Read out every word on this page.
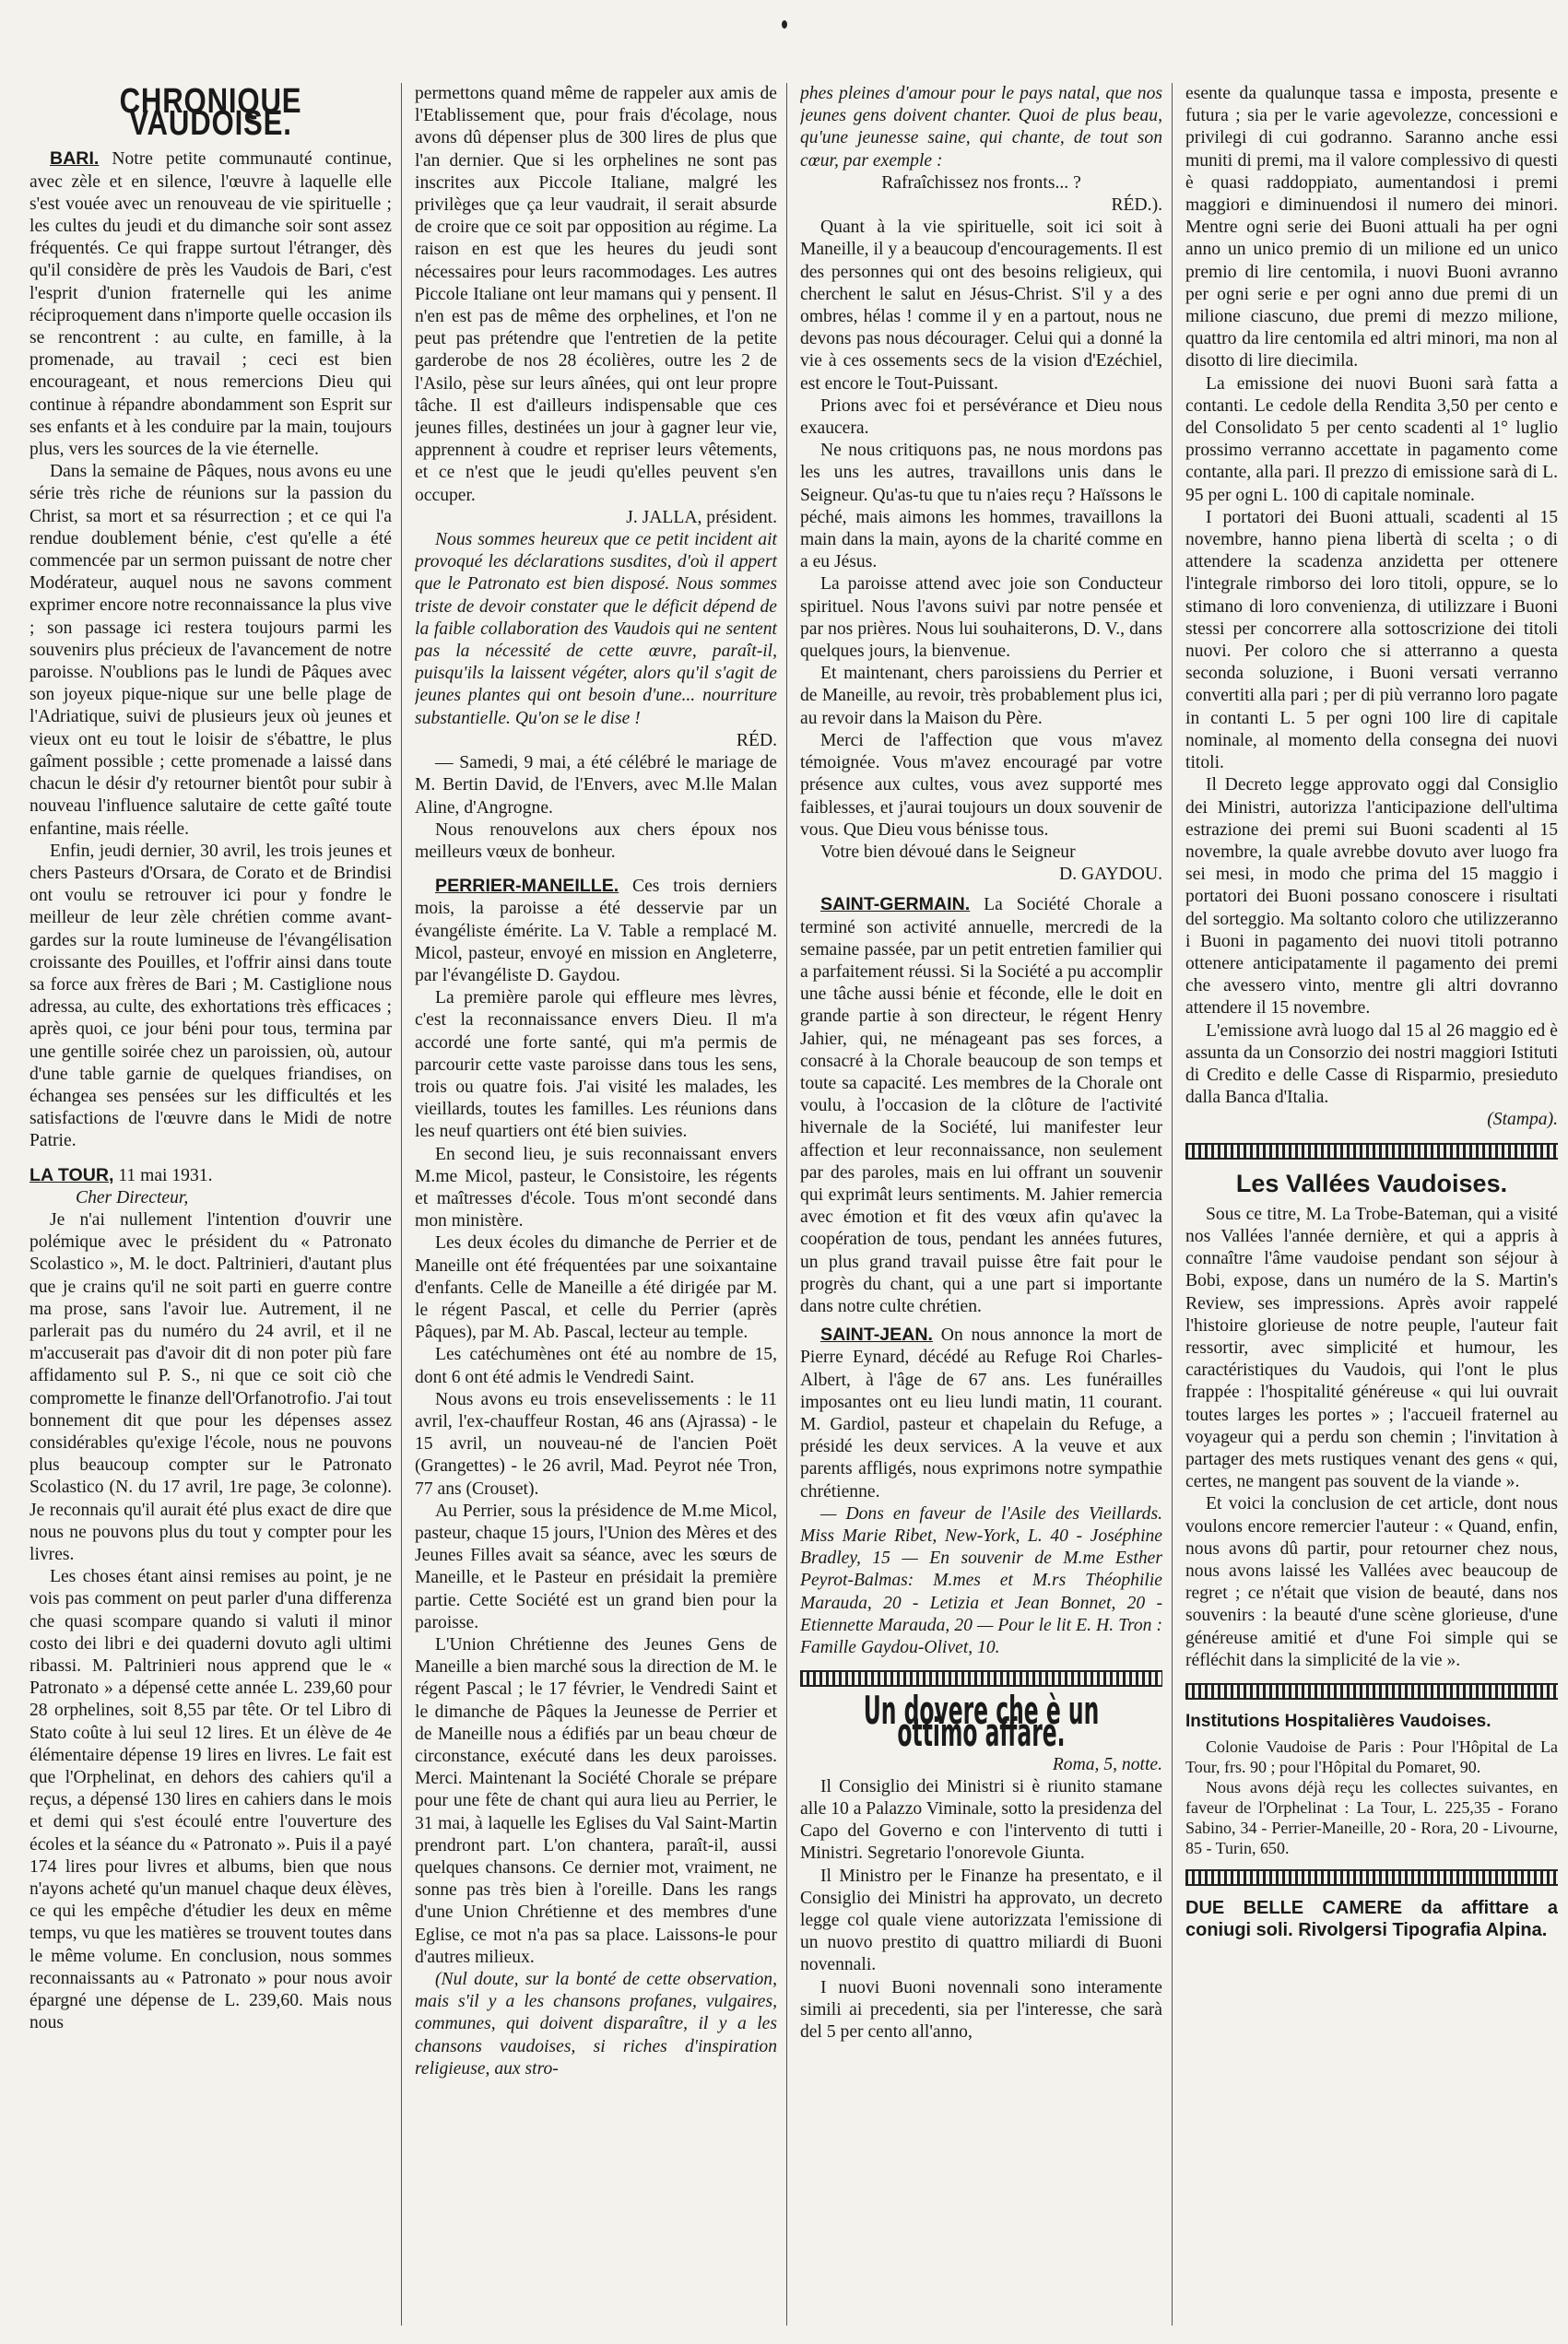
CHRONIQUE VAUDOISE.

BARI. Notre petite communauté continue, avec zèle et en silence, l'œuvre à laquelle elle s'est vouée avec un renouveau de vie spirituelle ; les cultes du jeudi et du dimanche soir sont assez fréquentés. Ce qui frappe surtout l'étranger, dès qu'il considère de près les Vaudois de Bari, c'est l'esprit d'union fraternelle qui les anime réciproquement dans n'importe quelle occasion ils se rencontrent : au culte, en famille, à la promenade, au travail ; ceci est bien encourageant, et nous remercions Dieu qui continue à répandre abondamment son Esprit sur ses enfants et à les conduire par la main, toujours plus, vers les sources de la vie éternelle.

Dans la semaine de Pâques, nous avons eu une série très riche de réunions sur la passion du Christ, sa mort et sa résurrection ; et ce qui l'a rendue doublement bénie, c'est qu'elle a été commencée par un sermon puissant de notre cher Modérateur, auquel nous ne savons comment exprimer encore notre reconnaissance la plus vive ; son passage ici restera toujours parmi les souvenirs plus précieux de l'avancement de notre paroisse. N'oublions pas le lundi de Pâques avec son joyeux pique-nique sur une belle plage de l'Adriatique, suivi de plusieurs jeux où jeunes et vieux ont eu tout le loisir de s'ébattre, le plus gaîment possible ; cette promenade a laissé dans chacun le désir d'y retourner bientôt pour subir à nouveau l'influence salutaire de cette gaîté toute enfantine, mais réelle.

Enfin, jeudi dernier, 30 avril, les trois jeunes et chers Pasteurs d'Orsara, de Corato et de Brindisi ont voulu se retrouver ici pour y fondre le meilleur de leur zèle chrétien comme avant-gardes sur la route lumineuse de l'évangélisation croissante des Pouilles, et l'offrir ainsi dans toute sa force aux frères de Bari ; M. Castiglione nous adressa, au culte, des exhortations très efficaces ; après quoi, ce jour béni pour tous, termina par une gentille soirée chez un paroissien, où, autour d'une table garnie de quelques friandises, on échangea ses pensées sur les difficultés et les satisfactions de l'œuvre dans le Midi de notre Patrie.

LA TOUR, 11 mai 1931.

Cher Directeur,

Je n'ai nullement l'intention d'ouvrir une polémique avec le président du « Patronato Scolastico », M. le doct. Paltrinieri, d'autant plus que je crains qu'il ne soit parti en guerre contre ma prose, sans l'avoir lue. Autrement, il ne parlerait pas du numéro du 24 avril, et il ne m'accuserait pas d'avoir dit di non poter più fare affidamento sul P. S., ni que ce soit ciò che compromette le finanze dell'Orfanotrofio. J'ai tout bonnement dit que pour les dépenses assez considérables qu'exige l'école, nous ne pouvons plus beaucoup compter sur le Patronato Scolastico (N. du 17 avril, 1re page, 3e colonne). Je reconnais qu'il aurait été plus exact de dire que nous ne pouvons plus du tout y compter pour les livres.

Les choses étant ainsi remises au point, je ne vois pas comment on peut parler d'una differenza che quasi scompare quando si valuti il minor costo dei libri e dei quaderni dovuto agli ultimi ribassi. M. Paltrinieri nous apprend que le « Patronato » a dépensé cette année L. 239,60 pour 28 orphelines, soit 8,55 par tête. Or tel Libro di Stato coûte à lui seul 12 lires. Et un élève de 4e élémentaire dépense 19 lires en livres. Le fait est que l'Orphelinat, en dehors des cahiers qu'il a reçus, a dépensé 130 lires en cahiers dans le mois et demi qui s'est écoulé entre l'ouverture des écoles et la séance du « Patronato ». Puis il a payé 174 lires pour livres et albums, bien que nous n'ayons acheté qu'un manuel chaque deux élèves, ce qui les empêche d'étudier les deux en même temps, vu que les matières se trouvent toutes dans le même volume. En conclusion, nous sommes reconnaissants au « Patronato » pour nous avoir épargné une dépense de L. 239,60. Mais nous nous

permettons quand même de rappeler aux amis de l'Etablissement que, pour frais d'écolage, nous avons dû dépenser plus de 300 lires de plus que l'an dernier. Que si les orphelines ne sont pas inscrites aux Piccole Italiane, malgré les privilèges que ça leur vaudrait, il serait absurde de croire que ce soit par opposition au régime. La raison en est que les heures du jeudi sont nécessaires pour leurs racommodages. Les autres Piccole Italiane ont leur mamans qui y pensent. Il n'en est pas de même des orphelines, et l'on ne peut pas prétendre que l'entretien de la petite garderobe de nos 28 écolières, outre les 2 de l'Asilo, pèse sur leurs aînées, qui ont leur propre tâche. Il est d'ailleurs indispensable que ces jeunes filles, destinées un jour à gagner leur vie, apprennent à coudre et repriser leurs vêtements, et ce n'est que le jeudi qu'elles peuvent s'en occuper.

J. JALLA, président.

Nous sommes heureux que ce petit incident ait provoqué les déclarations susdites, d'où il appert que le Patronato est bien disposé. Nous sommes triste de devoir constater que le déficit dépend de la faible collaboration des Vaudois qui ne sentent pas la nécessité de cette œuvre, paraît-il, puisqu'ils la laissent végéter, alors qu'il s'agit de jeunes plantes qui ont besoin d'une... nourriture substantielle. Qu'on se le dise !

RÉD.

— Samedi, 9 mai, a été célébré le mariage de M. Bertin David, de l'Envers, avec M.lle Malan Aline, d'Angrogne.

Nous renouvelons aux chers époux nos meilleurs vœux de bonheur.

PERRIER-MANEILLE. Ces trois derniers mois, la paroisse a été desservie par un évangéliste émérite. La V. Table a remplacé M. Micol, pasteur, envoyé en mission en Angleterre, par l'évangéliste D. Gaydou.

La première parole qui effleure mes lèvres, c'est la reconnaissance envers Dieu. Il m'a accordé une forte santé, qui m'a permis de parcourir cette vaste paroisse dans tous les sens, trois ou quatre fois. J'ai visité les malades, les vieillards, toutes les familles. Les réunions dans les neuf quartiers ont été bien suivies.

En second lieu, je suis reconnaissant envers M.me Micol, pasteur, le Consistoire, les régents et maîtresses d'école. Tous m'ont secondé dans mon ministère.

Les deux écoles du dimanche de Perrier et de Maneille ont été fréquentées par une soixantaine d'enfants. Celle de Maneille a été dirigée par M. le régent Pascal, et celle du Perrier (après Pâques), par M. Ab. Pascal, lecteur au temple.

Les catéchumènes ont été au nombre de 15, dont 6 ont été admis le Vendredi Saint.

Nous avons eu trois ensevelissements : le 11 avril, l'ex-chauffeur Rostan, 46 ans (Ajrassa) - le 15 avril, un nouveau-né de l'ancien Poët (Grangettes) - le 26 avril, Mad. Peyrot née Tron, 77 ans (Crouset).

Au Perrier, sous la présidence de M.me Micol, pasteur, chaque 15 jours, l'Union des Mères et des Jeunes Filles avait sa séance, avec les sœurs de Maneille, et le Pasteur en présidait la première partie. Cette Société est un grand bien pour la paroisse.

L'Union Chrétienne des Jeunes Gens de Maneille a bien marché sous la direction de M. le régent Pascal ; le 17 février, le Vendredi Saint et le dimanche de Pâques la Jeunesse de Perrier et de Maneille nous a édifiés par un beau chœur de circonstance, exécuté dans les deux paroisses. Merci. Maintenant la Société Chorale se prépare pour une fête de chant qui aura lieu au Perrier, le 31 mai, à laquelle les Eglises du Val Saint-Martin prendront part. L'on chantera, paraît-il, aussi quelques chansons. Ce dernier mot, vraiment, ne sonne pas très bien à l'oreille. Dans les rangs d'une Union Chrétienne et des membres d'une Eglise, ce mot n'a pas sa place. Laissons-le pour d'autres milieux.

(Nul doute, sur la bonté de cette observation, mais s'il y a les chansons profanes, vulgaires, communes, qui doivent disparaître, il y a les chansons vaudoises, si riches d'inspiration religieuse, aux stro-

phes pleines d'amour pour le pays natal, que nos jeunes gens doivent chanter. Quoi de plus beau, qu'une jeunesse saine, qui chante, de tout son cœur, par exemple :

Rafraîchissez nos fronts... ?
RÉD.).

Quant à la vie spirituelle, soit ici soit à Maneille, il y a beaucoup d'encouragements. Il est des personnes qui ont des besoins religieux, qui cherchent le salut en Jésus-Christ. S'il y a des ombres, hélas ! comme il y en a partout, nous ne devons pas nous décourager. Celui qui a donné la vie à ces ossements secs de la vision d'Ezéchiel, est encore le Tout-Puissant.

Prions avec foi et persévérance et Dieu nous exaucera.

Ne nous critiquons pas, ne nous mordons pas les uns les autres, travaillons unis dans le Seigneur. Qu'as-tu que tu n'aies reçu ? Haïssons le péché, mais aimons les hommes, travaillons la main dans la main, ayons de la charité comme en a eu Jésus.

La paroisse attend avec joie son Conducteur spirituel. Nous l'avons suivi par notre pensée et par nos prières. Nous lui souhaiterons, D. V., dans quelques jours, la bienvenue.

Et maintenant, chers paroissiens du Perrier et de Maneille, au revoir, très probablement plus ici, au revoir dans la Maison du Père.

Merci de l'affection que vous m'avez témoignée. Vous m'avez encouragé par votre présence aux cultes, vous avez supporté mes faiblesses, et j'aurai toujours un doux souvenir de vous. Que Dieu vous bénisse tous.

Votre bien dévoué dans le Seigneur

D. GAYDOU.

SAINT-GERMAIN. La Société Chorale a terminé son activité annuelle, mercredi de la semaine passée, par un petit entretien familier qui a parfaitement réussi. Si la Société a pu accomplir une tâche aussi bénie et féconde, elle le doit en grande partie à son directeur, le régent Henry Jahier, qui, ne ménageant pas ses forces, a consacré à la Chorale beaucoup de son temps et toute sa capacité. Les membres de la Chorale ont voulu, à l'occasion de la clôture de l'activité hivernale de la Société, lui manifester leur affection et leur reconnaissance, non seulement par des paroles, mais en lui offrant un souvenir qui exprimât leurs sentiments. M. Jahier remercia avec émotion et fit des vœux afin qu'avec la coopération de tous, pendant les années futures, un plus grand travail puisse être fait pour le progrès du chant, qui a une part si importante dans notre culte chrétien.

SAINT-JEAN. On nous annonce la mort de Pierre Eynard, décédé au Refuge Roi Charles-Albert, à l'âge de 67 ans. Les funérailles imposantes ont eu lieu lundi matin, 11 courant. M. Gardiol, pasteur et chapelain du Refuge, a présidé les deux services. A la veuve et aux parents affligés, nous exprimons notre sympathie chrétienne.

— Dons en faveur de l'Asile des Vieillards. Miss Marie Ribet, New-York, L. 40 - Joséphine Bradley, 15 — En souvenir de M.me Esther Peyrot-Balmas: M.mes et M.rs Théophilie Marauda, 20 - Letizia et Jean Bonnet, 20 - Etiennette Marauda, 20 — Pour le lit E. H. Tron : Famille Gaydou-Olivet, 10.

Un dovere che è un ottimo affare.
Roma, 5, notte.

Il Consiglio dei Ministri si è riunito stamane alle 10 a Palazzo Viminale, sotto la presidenza del Capo del Governo e con l'intervento di tutti i Ministri. Segretario l'onorevole Giunta.

Il Ministro per le Finanze ha presentato, e il Consiglio dei Ministri ha approvato, un decreto legge col quale viene autorizzata l'emissione di un nuovo prestito di quattro miliardi di Buoni novennali.

I nuovi Buoni novennali sono interamente simili ai precedenti, sia per l'interesse, che sarà del 5 per cento all'anno,

esente da qualunque tassa e imposta, presente e futura ; sia per le varie agevolezze, concessioni e privilegi di cui godranno. Saranno anche essi muniti di premi, ma il valore complessivo di questi è quasi raddoppiato, aumentandosi i premi maggiori e diminuendosi il numero dei minori. Mentre ogni serie dei Buoni attuali ha per ogni anno un unico premio di un milione ed un unico premio di lire centomila, i nuovi Buoni avranno per ogni serie e per ogni anno due premi di un milione ciascuno, due premi di mezzo milione, quattro da lire centomila ed altri minori, ma non al disotto di lire diecimila.

La emissione dei nuovi Buoni sarà fatta a contanti. Le cedole della Rendita 3,50 per cento e del Consolidato 5 per cento scadenti al 1° luglio prossimo verranno accettate in pagamento come contante, alla pari. Il prezzo di emissione sarà di L. 95 per ogni L. 100 di capitale nominale.

I portatori dei Buoni attuali, scadenti al 15 novembre, hanno piena libertà di scelta ; o di attendere la scadenza anzidetta per ottenere l'integrale rimborso dei loro titoli, oppure, se lo stimano di loro convenienza, di utilizzare i Buoni stessi per concorrere alla sottoscrizione dei titoli nuovi. Per coloro che si atterranno a questa seconda soluzione, i Buoni versati verranno convertiti alla pari ; per di più verranno loro pagate in contanti L. 5 per ogni 100 lire di capitale nominale, al momento della consegna dei nuovi titoli.

Il Decreto legge approvato oggi dal Consiglio dei Ministri, autorizza l'anticipazione dell'ultima estrazione dei premi sui Buoni scadenti al 15 novembre, la quale avrebbe dovuto aver luogo fra sei mesi, in modo che prima del 15 maggio i portatori dei Buoni possano conoscere i risultati del sorteggio. Ma soltanto coloro che utilizzeranno i Buoni in pagamento dei nuovi titoli potranno ottenere anticipatamente il pagamento dei premi che avessero vinto, mentre gli altri dovranno attendere il 15 novembre.

L'emissione avrà luogo dal 15 al 26 maggio ed è assunta da un Consorzio dei nostri maggiori Istituti di Credito e delle Casse di Risparmio, presieduto dalla Banca d'Italia.

(Stampa).
Les Vallées Vaudoises.

Sous ce titre, M. La Trobe-Bateman, qui a visité nos Vallées l'année dernière, et qui a appris à connaître l'âme vaudoise pendant son séjour à Bobi, expose, dans un numéro de la S. Martin's Review, ses impressions. Après avoir rappelé l'histoire glorieuse de notre peuple, l'auteur fait ressortir, avec simplicité et humour, les caractéristiques du Vaudois, qui l'ont le plus frappée : l'hospitalité généreuse « qui lui ouvrait toutes larges les portes » ; l'accueil fraternel au voyageur qui a perdu son chemin ; l'invitation à partager des mets rustiques venant des gens « qui, certes, ne mangent pas souvent de la viande ».

Et voici la conclusion de cet article, dont nous voulons encore remercier l'auteur : « Quand, enfin, nous avons dû partir, pour retourner chez nous, nous avons laissé les Vallées avec beaucoup de regret ; ce n'était que vision de beauté, dans nos souvenirs : la beauté d'une scène glorieuse, d'une généreuse amitié et d'une Foi simple qui se réfléchit dans la simplicité de la vie ».

Institutions Hospitalières Vaudoises.

Colonie Vaudoise de Paris : Pour l'Hôpital de La Tour, frs. 90 ; pour l'Hôpital du Pomaret, 90.

Nous avons déjà reçu les collectes suivantes, en faveur de l'Orphelinat : La Tour, L. 225,35 - Forano Sabino, 34 - Perrier-Maneille, 20 - Rora, 20 - Livourne, 85 - Turin, 650.

DUE BELLE CAMERE da affittare a coniugi soli. Rivolgersi Tipografia Alpina.
